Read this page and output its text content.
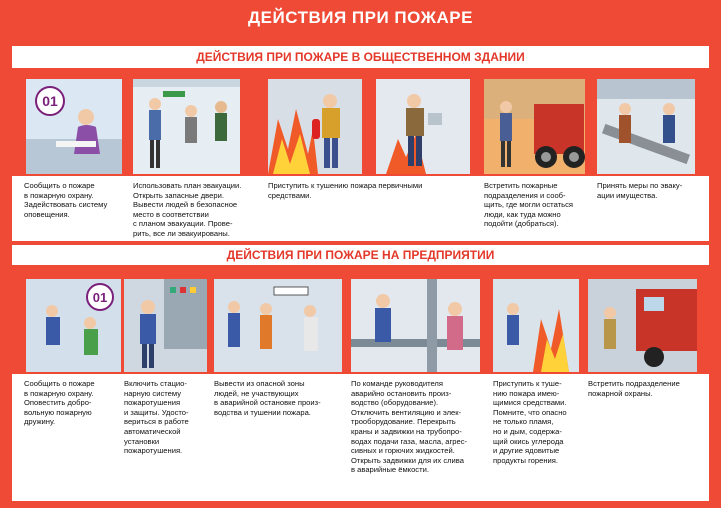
ДЕЙСТВИЯ ПРИ ПОЖАРЕ
ДЕЙСТВИЯ ПРИ ПОЖАРЕ В ОБЩЕСТВЕННОМ ЗДАНИИ
01
Сообщить о пожаре
в пожарную охрану.
Задействовать систему
оповещения.
Использовать план эвакуации.
Открыть запасные двери.
Вывести людей в безопасное
место в соответствии
с планом эвакуации. Прове-
рить, все ли эвакуированы.
Приступить к тушению пожара первичными
средствами.
Встретить пожарные
подразделения и сооб-
щить, где могли остаться
люди, как туда можно
подойти (добраться).
Принять меры по эваку-
ации имущества.
ДЕЙСТВИЯ ПРИ ПОЖАРЕ НА ПРЕДПРИЯТИИ
01
Сообщить о пожаре
в пожарную охрану.
Оповестить добро-
вольную пожарную
дружину.
Включить стацио-
нарную систему
пожаротушения
и защиты. Удосто-
вериться в работе
автоматической
установки
пожаротушения.
Вывести из опасной зоны
людей, не участвующих
в аварийной остановке произ-
водства и тушении пожара.
По команде руководителя
аварийно остановить произ-
водство (оборудование).
Отключить вентиляцию и элек-
трооборудование. Перекрыть
краны и задвижки на трубопро-
водах подачи газа, масла, агрес-
сивных и горючих жидкостей.
Открыть задвижки для их слива
в аварийные ёмкости.
Приступить к туше-
нию пожара имею-
щимися средствами.
Помните, что опасно
не только пламя,
но и дым, содержа-
щий окись углерода
и другие ядовитые
продукты горения.
Встретить подразделение
пожарной охраны.
